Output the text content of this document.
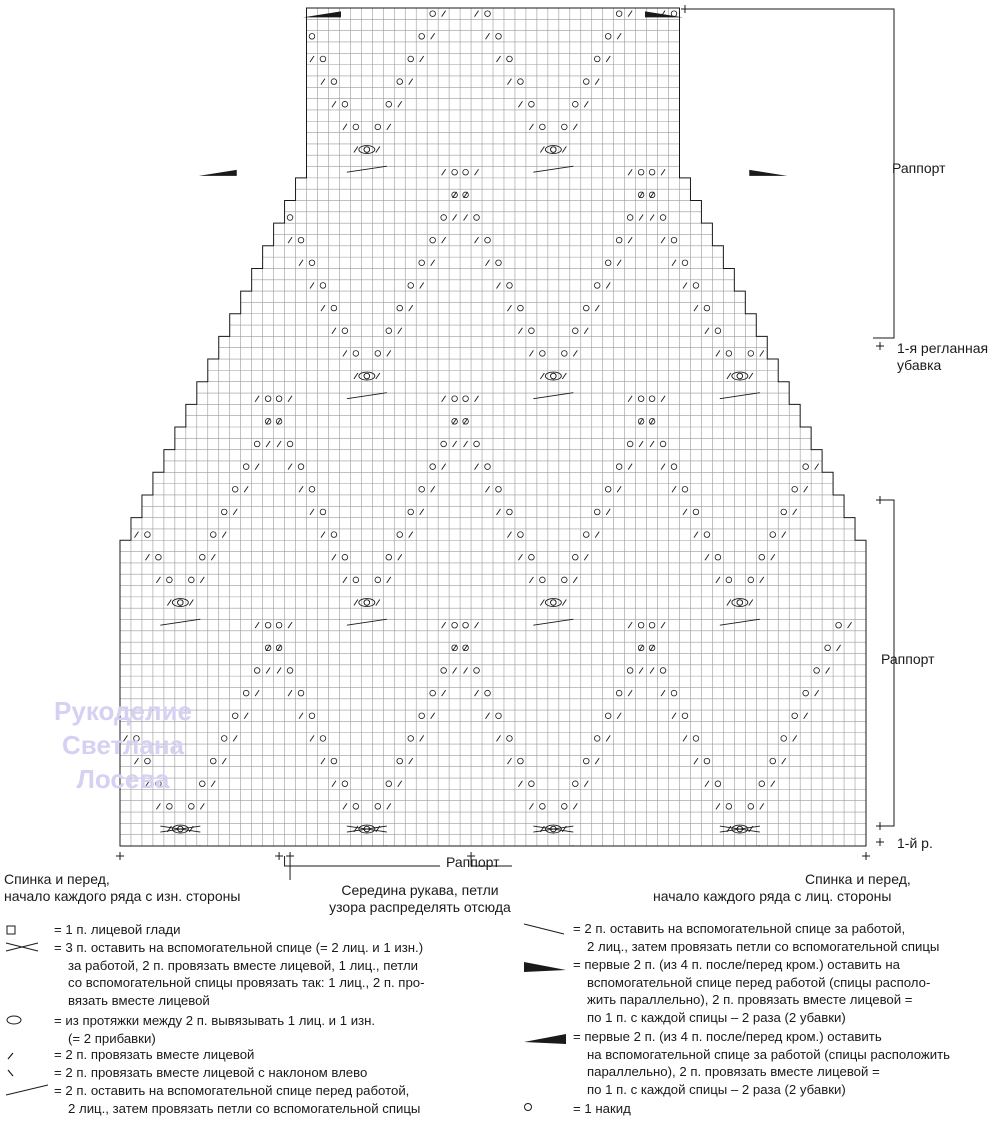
Раппорт
1-я регланная
убавка
Раппорт
1-й р.
Раппорт
Спинка и перед,
начало каждого ряда с изн. стороны
Спинка и перед,
начало каждого ряда с лиц. стороны
Середина рукава, петли
узора распределять отсюда
Рукоделие
Светлана
Лосева
= 1 п. лицевой глади
= 3 п. оставить на вспомогательной спице (= 2 лиц. и 1 изн.)
за работой, 2 п. провязать вместе лицевой, 1 лиц., петли
со вспомогательной спицы провязать так: 1 лиц., 2 п. про-
вязать вместе лицевой
= из протяжки между 2 п. вывязывать 1 лиц. и 1 изн.
(= 2 прибавки)
= 2 п. провязать вместе лицевой
= 2 п. провязать вместе лицевой с наклоном влево
= 2 п. оставить на вспомогательной спице перед работой,
2 лиц., затем провязать петли со вспомогательной спицы
= 2 п. оставить на вспомогательной спице за работой,
2 лиц., затем провязать петли со вспомогательной спицы
= первые 2 п. (из 4 п. после/перед кром.) оставить на
вспомогательной спице перед работой (спицы располо-
жить параллельно), 2 п. провязать вместе лицевой =
по 1 п. с каждой спицы – 2 раза (2 убавки)
= первые 2 п. (из 4 п. после/перед кром.) оставить
на вспомогательной спице за работой (спицы расположить
параллельно), 2 п. провязать вместе лицевой =
по 1 п. с каждой спицы – 2 раза (2 убавки)
= 1 накид
